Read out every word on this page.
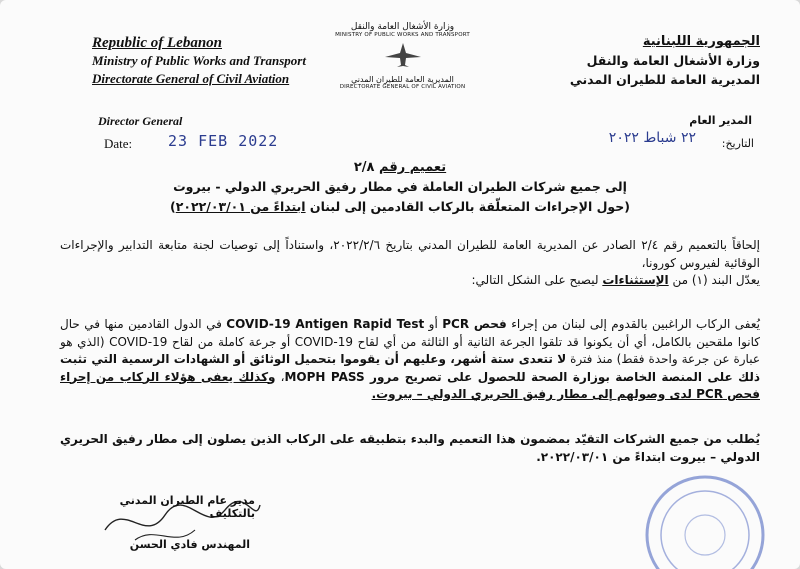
Republic of Lebanon
Ministry of Public Works and Transport
Directorate General of Civil Aviation
وزارة الأشغال العامة والنقل
MINISTRY OF PUBLIC WORKS AND TRANSPORT
المديرية العامة للطيران المدني
DIRECTORATE GENERAL OF CIVIL AVIATION
الجمهورية اللبنانية
وزارة الأشغال العامة والنقل
المديرية العامة للطيران المدني
Director General
Date: 23 FEB 2022
المدير العام
التاريخ:
٢٢ شباط ٢٠٢٢
تعميم رقم ٢/٨
إلى جميع شركات الطيران العاملة في مطار رفيق الحريري الدولي - بيروت
(حول الإجراءات المتعلّقة بالركاب القادمين إلى لبنان ابتداءً من ٢٠٢٢/٠٣/٠١)
إلحاقاً بالتعميم رقم ٢/٤ الصادر عن المديرية العامة للطيران المدني بتاريخ ٢٠٢٢/٢/٦، واستناداً إلى توصيات لجنة متابعة التدابير والإجراءات الوقائية لفيروس كورونا،
يعدّل البند (١) من الإستثناءات ليصبح على الشكل التالي:
يُعفى الركاب الراغبين بالقدوم إلى لبنان من إجراء فحص PCR أو COVID-19 Antigen Rapid Test في الدول القادمين منها في حال كانوا ملقحين بالكامل، أي أن يكونوا قد تلقوا الجرعة الثانية أو الثالثة من أي لقاح COVID-19 أو جرعة كاملة من لقاح COVID-19 (الذي هو عبارة عن جرعة واحدة فقط) منذ فترة لا تتعدى ستة أشهر، وعليهم أن يقوموا بتحميل الوثائق أو الشهادات الرسمية التي تثبت ذلك على المنصة الخاصة بوزارة الصحة للحصول على تصريح مرور MOPH PASS، وكذلك يعفى هؤلاء الركاب من إجراء فحص PCR لدى وصولهم إلى مطار رفيق الحريري الدولي – بيروت.
يُطلب من جميع الشركات التقيّد بمضمون هذا التعميم والبدء بتطبيقه على الركاب الذين يصلون إلى مطار رفيق الحريري الدولي – بيروت ابتداءً من ٢٠٢٢/٠٣/٠١.
مدير عام الطيران المدني بالتكليف
المهندس فادي الحسن
